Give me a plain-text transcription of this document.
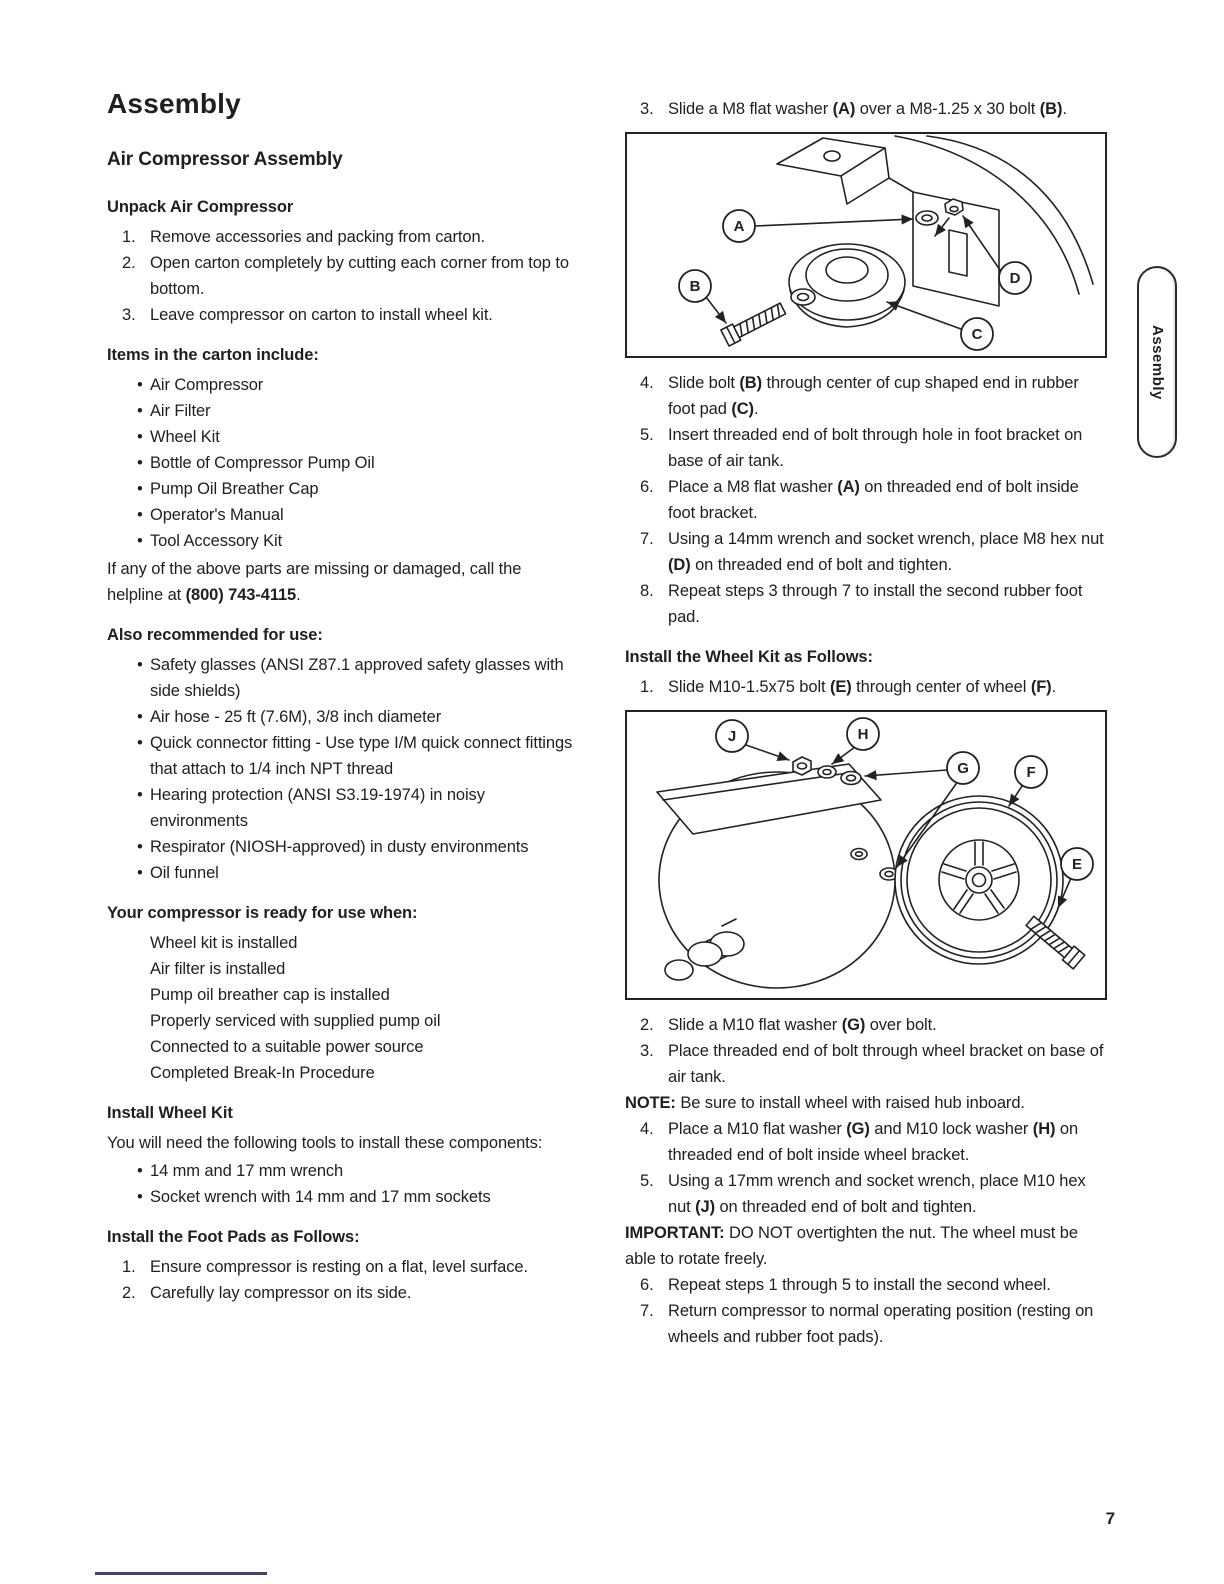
Assembly
Air Compressor Assembly
Unpack Air Compressor
1. Remove accessories and packing from carton.
2. Open carton completely by cutting each corner from top to bottom.
3. Leave compressor on carton to install wheel kit.
Items in the carton include:
•
Air Compressor
•
Air Filter
•
Wheel Kit
•
Bottle of Compressor Pump Oil
•
Pump Oil Breather Cap
•
Operator's Manual
•
Tool Accessory Kit

If any of the above parts are missing or damaged, call the helpline at (800) 743-4115.

Also recommended for use:
•
Safety glasses (ANSI Z87.1 approved safety glasses with side shields)
•
Air hose - 25 ft (7.6M), 3/8 inch diameter
•
Quick connector fitting - Use type I/M quick connect fittings that attach to 1/4 inch NPT thread
•
Hearing protection (ANSI S3.19-1974) in noisy environments
•
Respirator (NIOSH-approved) in dusty environments
•
Oil funnel
Your compressor is ready for use when:
Wheel kit is installed
Air filter is installed
Pump oil breather cap is installed
Properly serviced with supplied pump oil
Connected to a suitable power source
Completed Break-In Procedure
Install Wheel Kit

You will need the following tools to install these components:

•
14 mm and 17 mm wrench
•
Socket wrench with 14 mm and 17 mm sockets
Install the Foot Pads as Follows:
1. Ensure compressor is resting on a flat, level surface.
2. Carefully lay compressor on its side.
3. Slide a M8 flat washer (A) over a M8-1.25 x 30 bolt (B).
A
B
C
D
4. Slide bolt (B) through center of cup shaped end in rubber foot pad (C).
5. Insert threaded end of bolt through hole in foot bracket on base of air tank.
6. Place a M8 flat washer (A) on threaded end of bolt inside foot bracket.
7. Using a 14mm wrench and socket wrench, place M8 hex nut (D) on threaded end of bolt and tighten.
8. Repeat steps 3 through 7 to install the second rubber foot pad.
Install the Wheel Kit as Follows:
1. Slide M10-1.5x75 bolt (E) through center of wheel (F).
J	H
G	F
E
2. Slide a M10 flat washer (G) over bolt.
3. Place threaded end of bolt through wheel bracket on base of air tank.

NOTE: Be sure to install wheel with raised hub inboard.

4. Place a M10 flat washer (G) and M10 lock washer (H) on threaded end of bolt inside wheel bracket.
5. Using a 17mm wrench and socket wrench, place M10 hex nut (J) on threaded end of bolt and tighten.

IMPORTANT: DO NOT overtighten the nut. The wheel must be able to rotate freely.

6. Repeat steps 1 through 5 to install the second wheel.
7. Return compressor to normal operating position (resting on wheels and rubber foot pads).
Assembly
7
